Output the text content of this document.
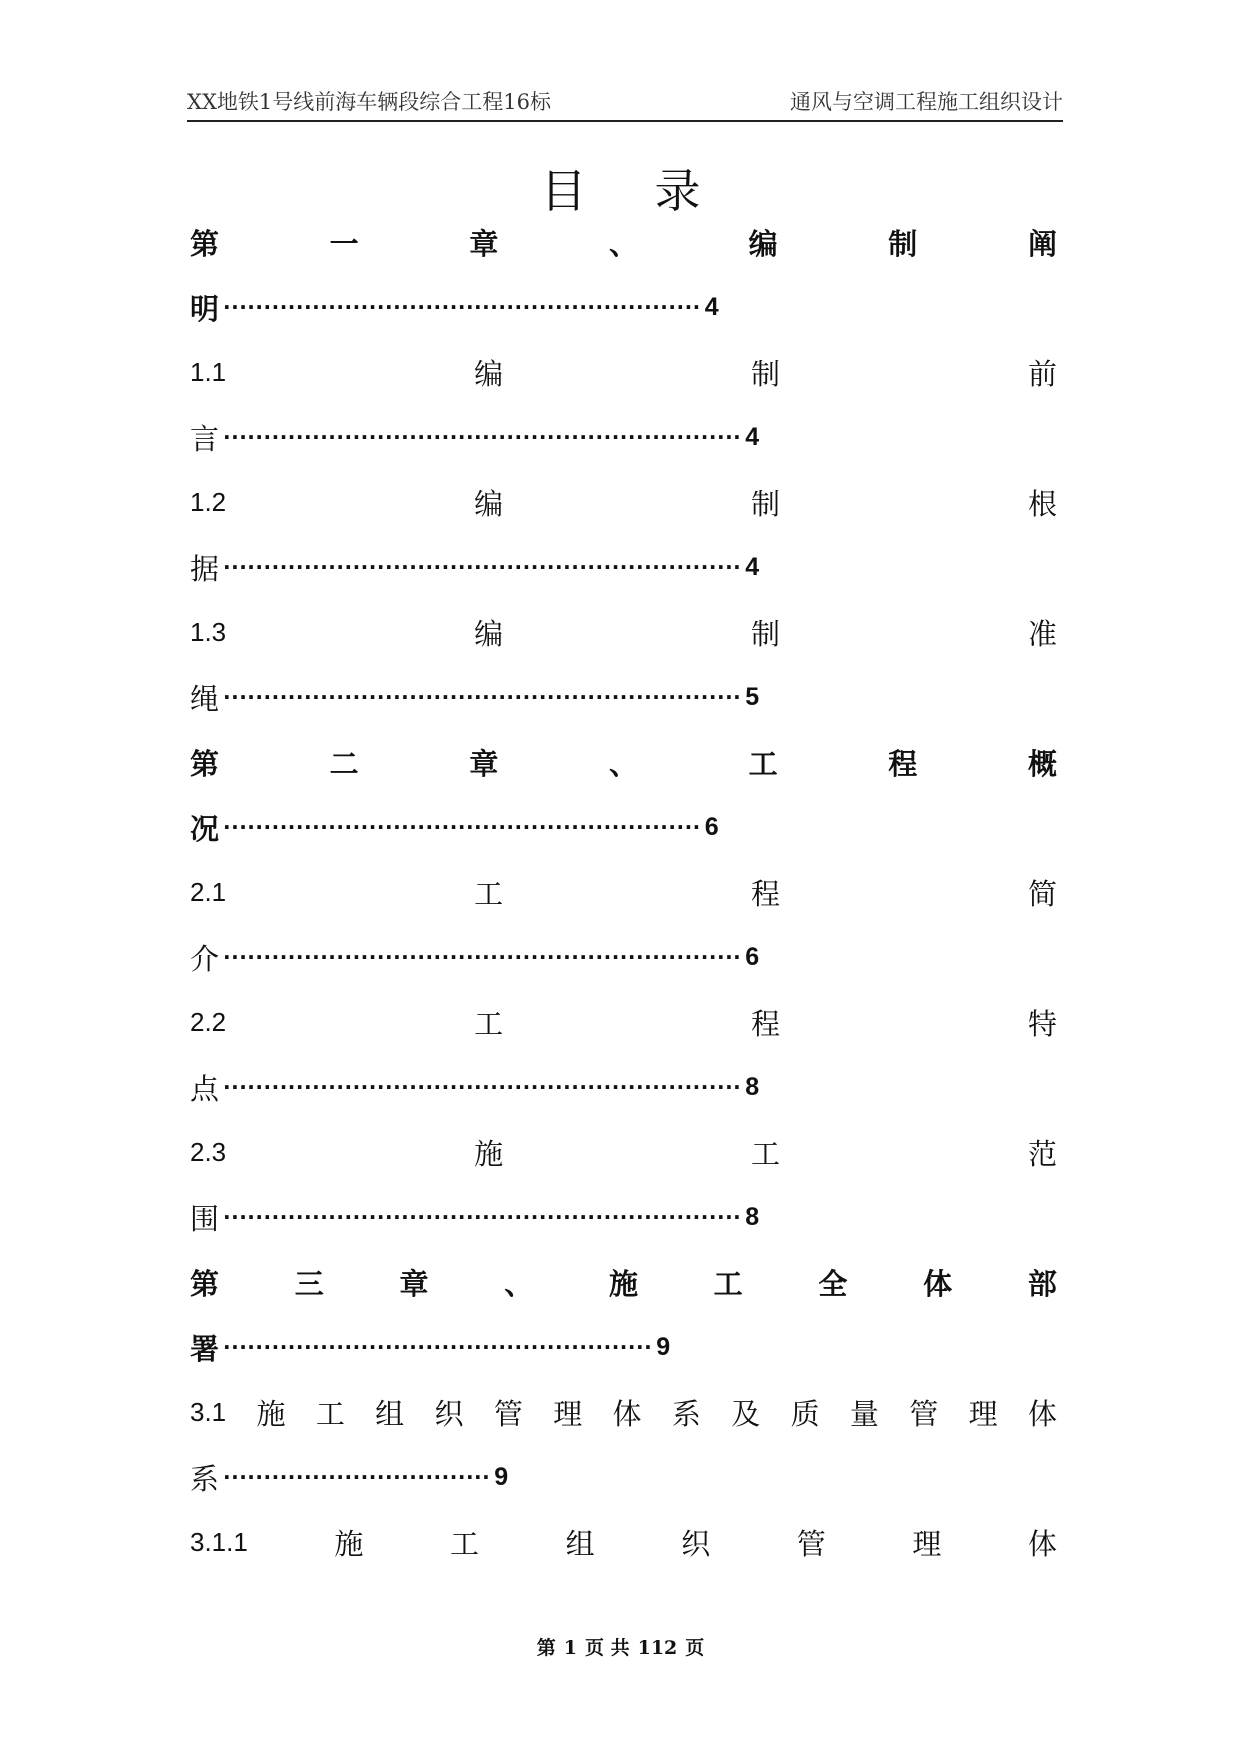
XX地铁1号线前海车辆段综合工程16标	通风与空调工程施工组织设计
目 录
第	一	章	、	编	制	阐
明 ··························································· 4
1.1	编	制	前
言 ································································ 4
1.2	编	制	根
据 ································································ 4
1.3	编	制	准
绳 ································································ 5
第	二	章	、	工	程	概
况 ··························································· 6
2.1	工	程	简
介 ································································ 6
2.2	工	程	特
点 ································································ 8
2.3	施	工	范
围 ································································ 8
第	三	章	、	施	工	全	体	部
署 ····················································· 9
3.1 施 工 组 织 管 理 体 系 及 质 量 管 理 体
系 ································· 9
3.1.1	施	工	组	织	管	理	体
第 1 页 共 112 页
